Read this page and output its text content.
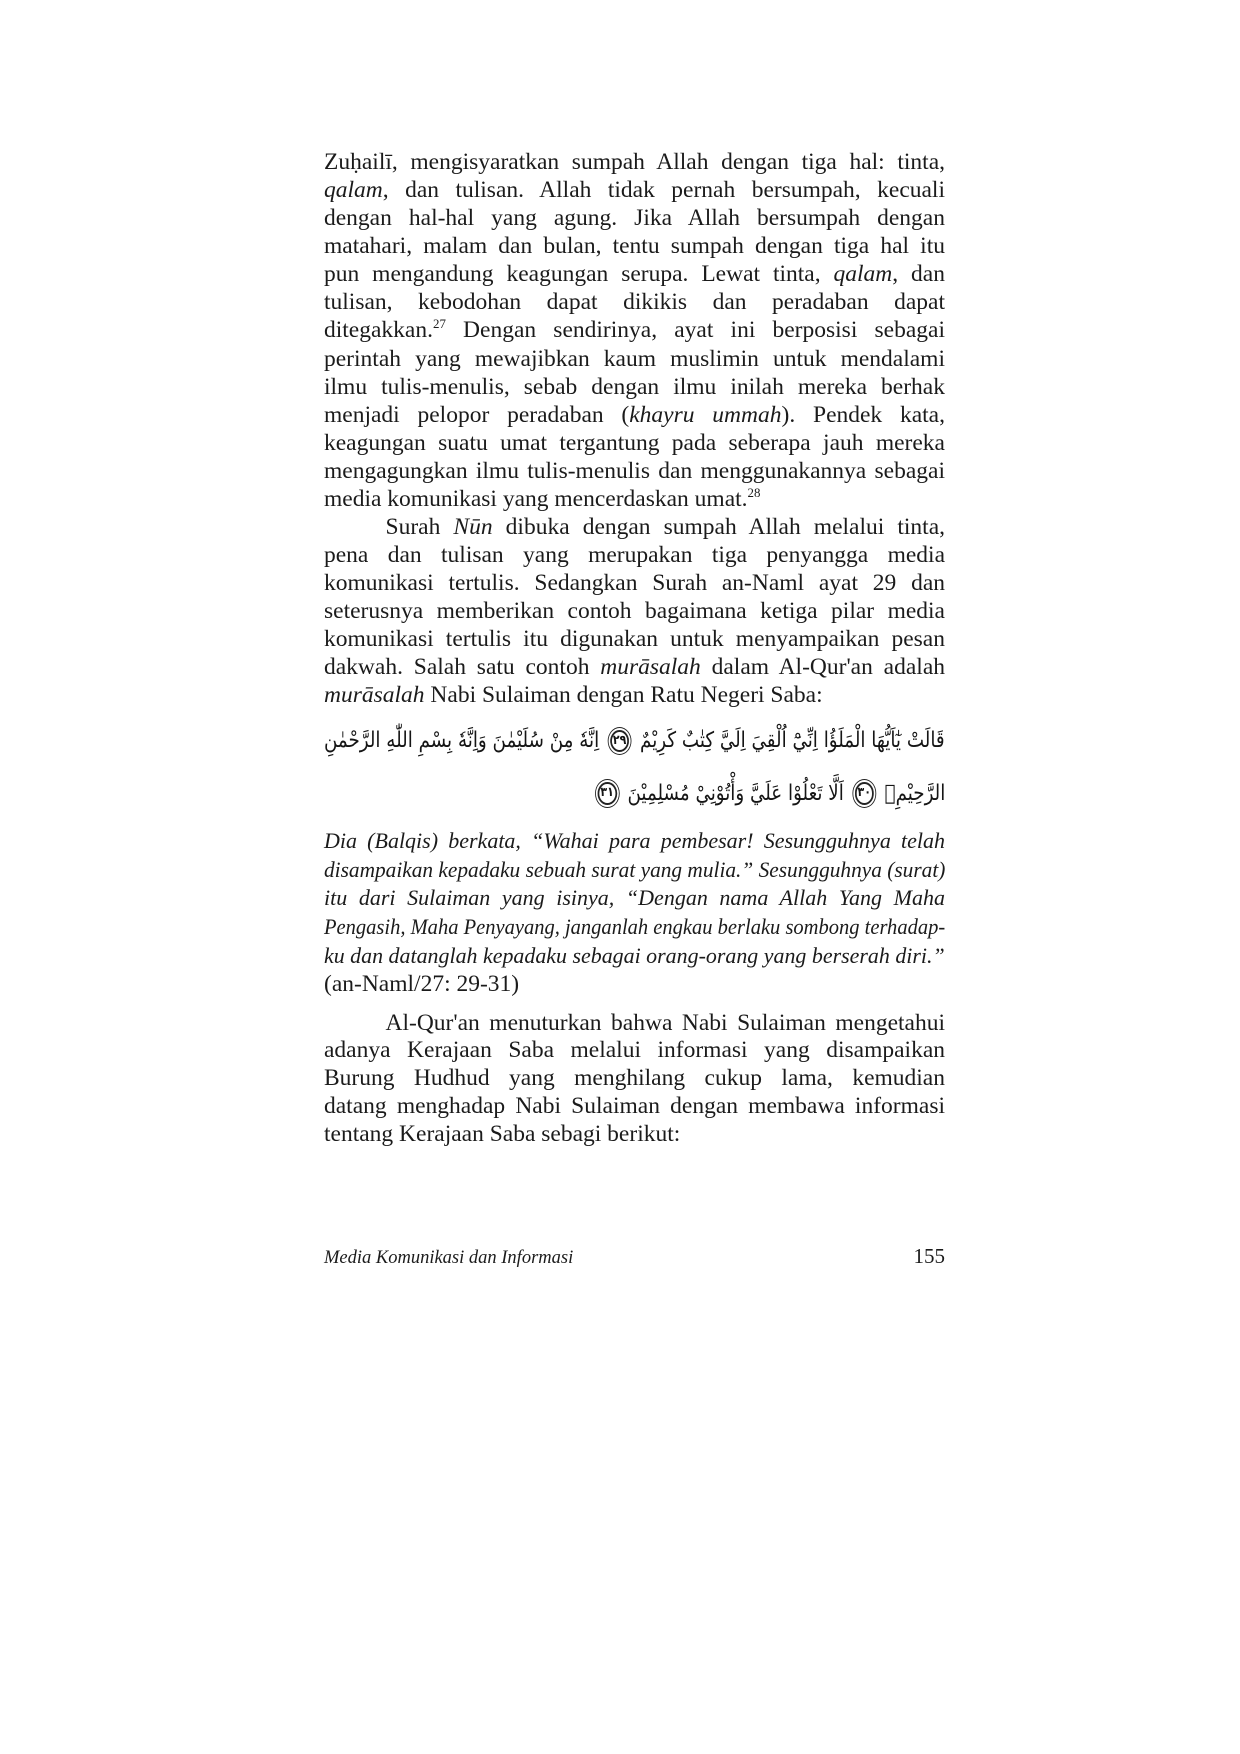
Zuḥailī, mengisyaratkan sumpah Allah dengan tiga hal: tinta,
qalam, dan tulisan. Allah tidak pernah bersumpah, kecuali
dengan hal-hal yang agung. Jika Allah bersumpah dengan
matahari, malam dan bulan, tentu sumpah dengan tiga hal itu
pun mengandung keagungan serupa. Lewat tinta, qalam, dan
tulisan, kebodohan dapat dikikis dan peradaban dapat
ditegakkan.$^{27}$ Dengan sendirinya, ayat ini berposisi sebagai
perintah yang mewajibkan kaum muslimin untuk mendalami
ilmu tulis-menulis, sebab dengan ilmu inilah mereka berhak
menjadi pelopor peradaban (khayru ummah). Pendek kata,
keagungan suatu umat tergantung pada seberapa jauh mereka
mengagungkan ilmu tulis-menulis dan menggunakannya sebagai
media komunikasi yang mencerdaskan umat.$^{28}$
Surah Nūn dibuka dengan sumpah Allah melalui tinta,
pena dan tulisan yang merupakan tiga penyangga media
komunikasi tertulis. Sedangkan Surah an-Naml ayat 29 dan
seterusnya memberikan contoh bagaimana ketiga pilar media
komunikasi tertulis itu digunakan untuk menyampaikan pesan
dakwah. Salah satu contoh murāsalah dalam Al-Qur'an adalah
murāsalah Nabi Sulaiman dengan Ratu Negeri Saba:
قَالَتْ يٰٓاَيُّهَا الْمَلَؤُا اِنِّيْٓ اُلْقِيَ اِلَيَّ كِتٰبٌ كَرِيْمٌ ٢٩ اِنَّهٗ مِنْ سُلَيْمٰنَ وَاِنَّهٗ بِسْمِ اللّٰهِ الرَّحْمٰنِ
الرَّحِيْمِۙ ٣٠ اَلَّا تَعْلُوْا عَلَيَّ وَأْتُوْنِيْ مُسْلِمِيْنَ ٣١
Dia (Balqis) berkata, “Wahai para pembesar! Sesungguhnya telah
disampaikan kepadaku sebuah surat yang mulia.” Sesungguhnya (surat)
itu dari Sulaiman yang isinya, “Dengan nama Allah Yang Maha
Pengasih, Maha Penyayang, janganlah engkau berlaku sombong terhadap-
ku dan datanglah kepadaku sebagai orang-orang yang berserah diri.”
(an-Naml/27: 29-31)
Al-Qur'an menuturkan bahwa Nabi Sulaiman mengetahui
adanya Kerajaan Saba melalui informasi yang disampaikan
Burung Hudhud yang menghilang cukup lama, kemudian
datang menghadap Nabi Sulaiman dengan membawa informasi
tentang Kerajaan Saba sebagi berikut:
Media Komunikasi dan Informasi	155
